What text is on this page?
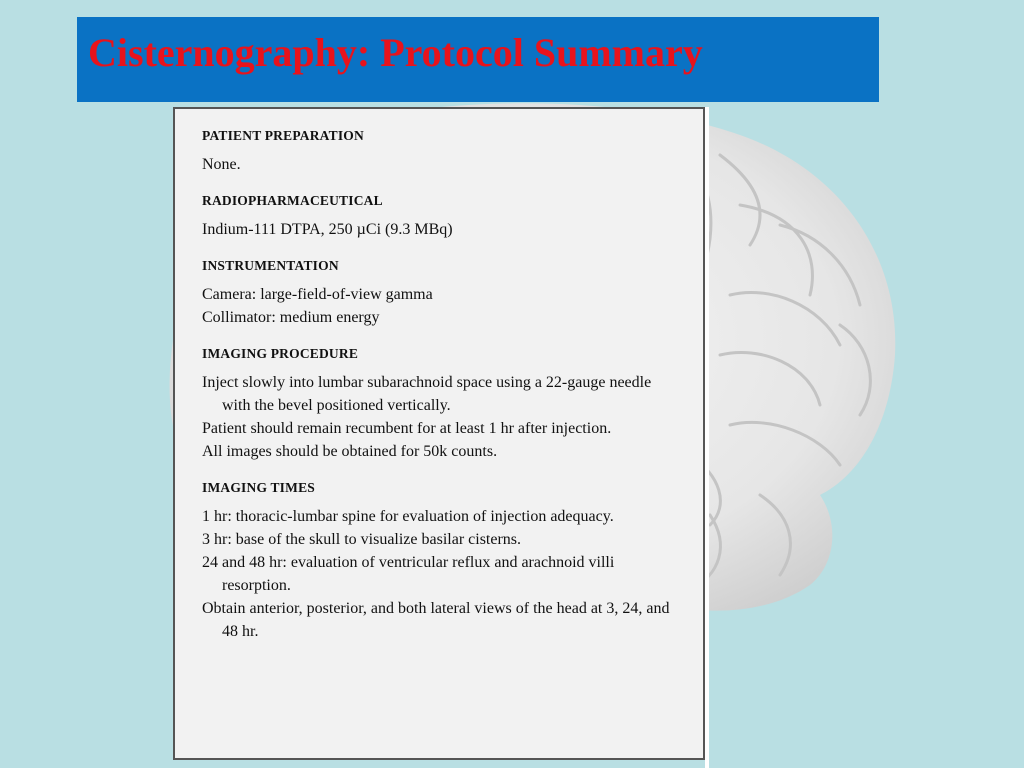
Cisternography: Protocol Summary
PATIENT PREPARATION
None.
RADIOPHARMACEUTICAL
Indium-111 DTPA, 250 µCi (9.3 MBq)
INSTRUMENTATION
Camera: large-field-of-view gamma
Collimator: medium energy
IMAGING PROCEDURE
Inject slowly into lumbar subarachnoid space using a 22-gauge needle with the bevel positioned vertically.
Patient should remain recumbent for at least 1 hr after injection.
All images should be obtained for 50k counts.
IMAGING TIMES
1 hr: thoracic-lumbar spine for evaluation of injection adequacy.
3 hr: base of the skull to visualize basilar cisterns.
24 and 48 hr: evaluation of ventricular reflux and arachnoid villi resorption.
Obtain anterior, posterior, and both lateral views of the head at 3, 24, and 48 hr.
